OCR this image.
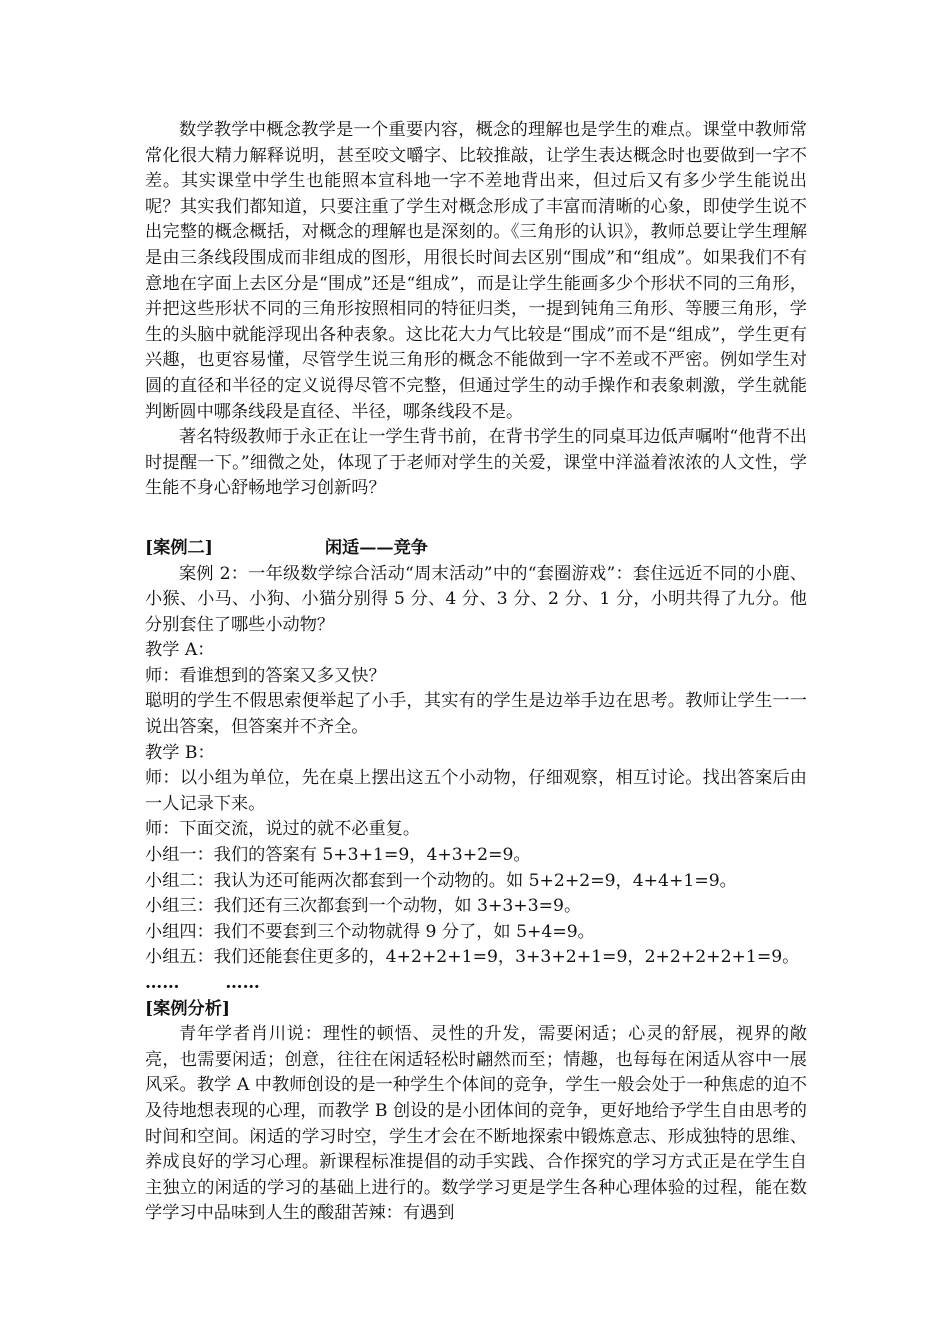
数学教学中概念教学是一个重要内容，概念的理解也是学生的难点。课堂中教师常常化很大精力解释说明，甚至咬文嚼字、比较推敲，让学生表达概念时也要做到一字不差。其实课堂中学生也能照本宣科地一字不差地背出来，但过后又有多少学生能说出呢？其实我们都知道，只要注重了学生对概念形成了丰富而清晰的心象，即使学生说不出完整的概念概括，对概念的理解也是深刻的。《三角形的认识》，教师总要让学生理解是由三条线段围成而非组成的图形，用很长时间去区别“围成”和“组成”。如果我们不有意地在字面上去区分是“围成”还是“组成”，而是让学生能画多少个形状不同的三角形，并把这些形状不同的三角形按照相同的特征归类，一提到钝角三角形、等腰三角形，学生的头脑中就能浮现出各种表象。这比花大力气比较是“围成”而不是“组成”，学生更有兴趣，也更容易懂，尽管学生说三角形的概念不能做到一字不差或不严密。例如学生对圆的直径和半径的定义说得尽管不完整，但通过学生的动手操作和表象刺激，学生就能判断圆中哪条线段是直径、半径，哪条线段不是。

著名特级教师于永正在让一学生背书前，在背书学生的同桌耳边低声嘱咐“他背不出时提醒一下。”细微之处，体现了于老师对学生的关爱，课堂中洋溢着浓浓的人文性，学生能不身心舒畅地学习创新吗？

[案例二]	闲适——竞争

案例 2：一年级数学综合活动“周末活动”中的“套圈游戏”：套住远近不同的小鹿、小猴、小马、小狗、小猫分别得 5 分、4 分、3 分、2 分、1 分，小明共得了九分。他分别套住了哪些小动物？

教学 A：

师：看谁想到的答案又多又快？

聪明的学生不假思索便举起了小手，其实有的学生是边举手边在思考。教师让学生一一说出答案，但答案并不齐全。

教学 B：

师：以小组为单位，先在桌上摆出这五个小动物，仔细观察，相互讨论。找出答案后由一人记录下来。

师：下面交流，说过的就不必重复。

小组一：我们的答案有 5+3+1=9，4+3+2=9。

小组二：我认为还可能两次都套到一个动物的。如 5+2+2=9，4+4+1=9。

小组三：我们还有三次都套到一个动物，如 3+3+3=9。

小组四：我们不要套到三个动物就得 9 分了，如 5+4=9。

小组五：我们还能套住更多的，4+2+2+1=9，3+3+2+1=9，2+2+2+2+1=9。

……	……

[案例分析]

青年学者肖川说：理性的顿悟、灵性的升发，需要闲适；心灵的舒展，视界的敞亮，也需要闲适；创意，往往在闲适轻松时翩然而至；情趣，也每每在闲适从容中一展风采。教学 A 中教师创设的是一种学生个体间的竞争，学生一般会处于一种焦虑的迫不及待地想表现的心理，而教学 B 创设的是小团体间的竞争，更好地给予学生自由思考的时间和空间。闲适的学习时空，学生才会在不断地探索中锻炼意志、形成独特的思维、养成良好的学习心理。新课程标准提倡的动手实践、合作探究的学习方式正是在学生自主独立的闲适的学习的基础上进行的。数学学习更是学生各种心理体验的过程，能在数学学习中品味到人生的酸甜苦辣：有遇到
